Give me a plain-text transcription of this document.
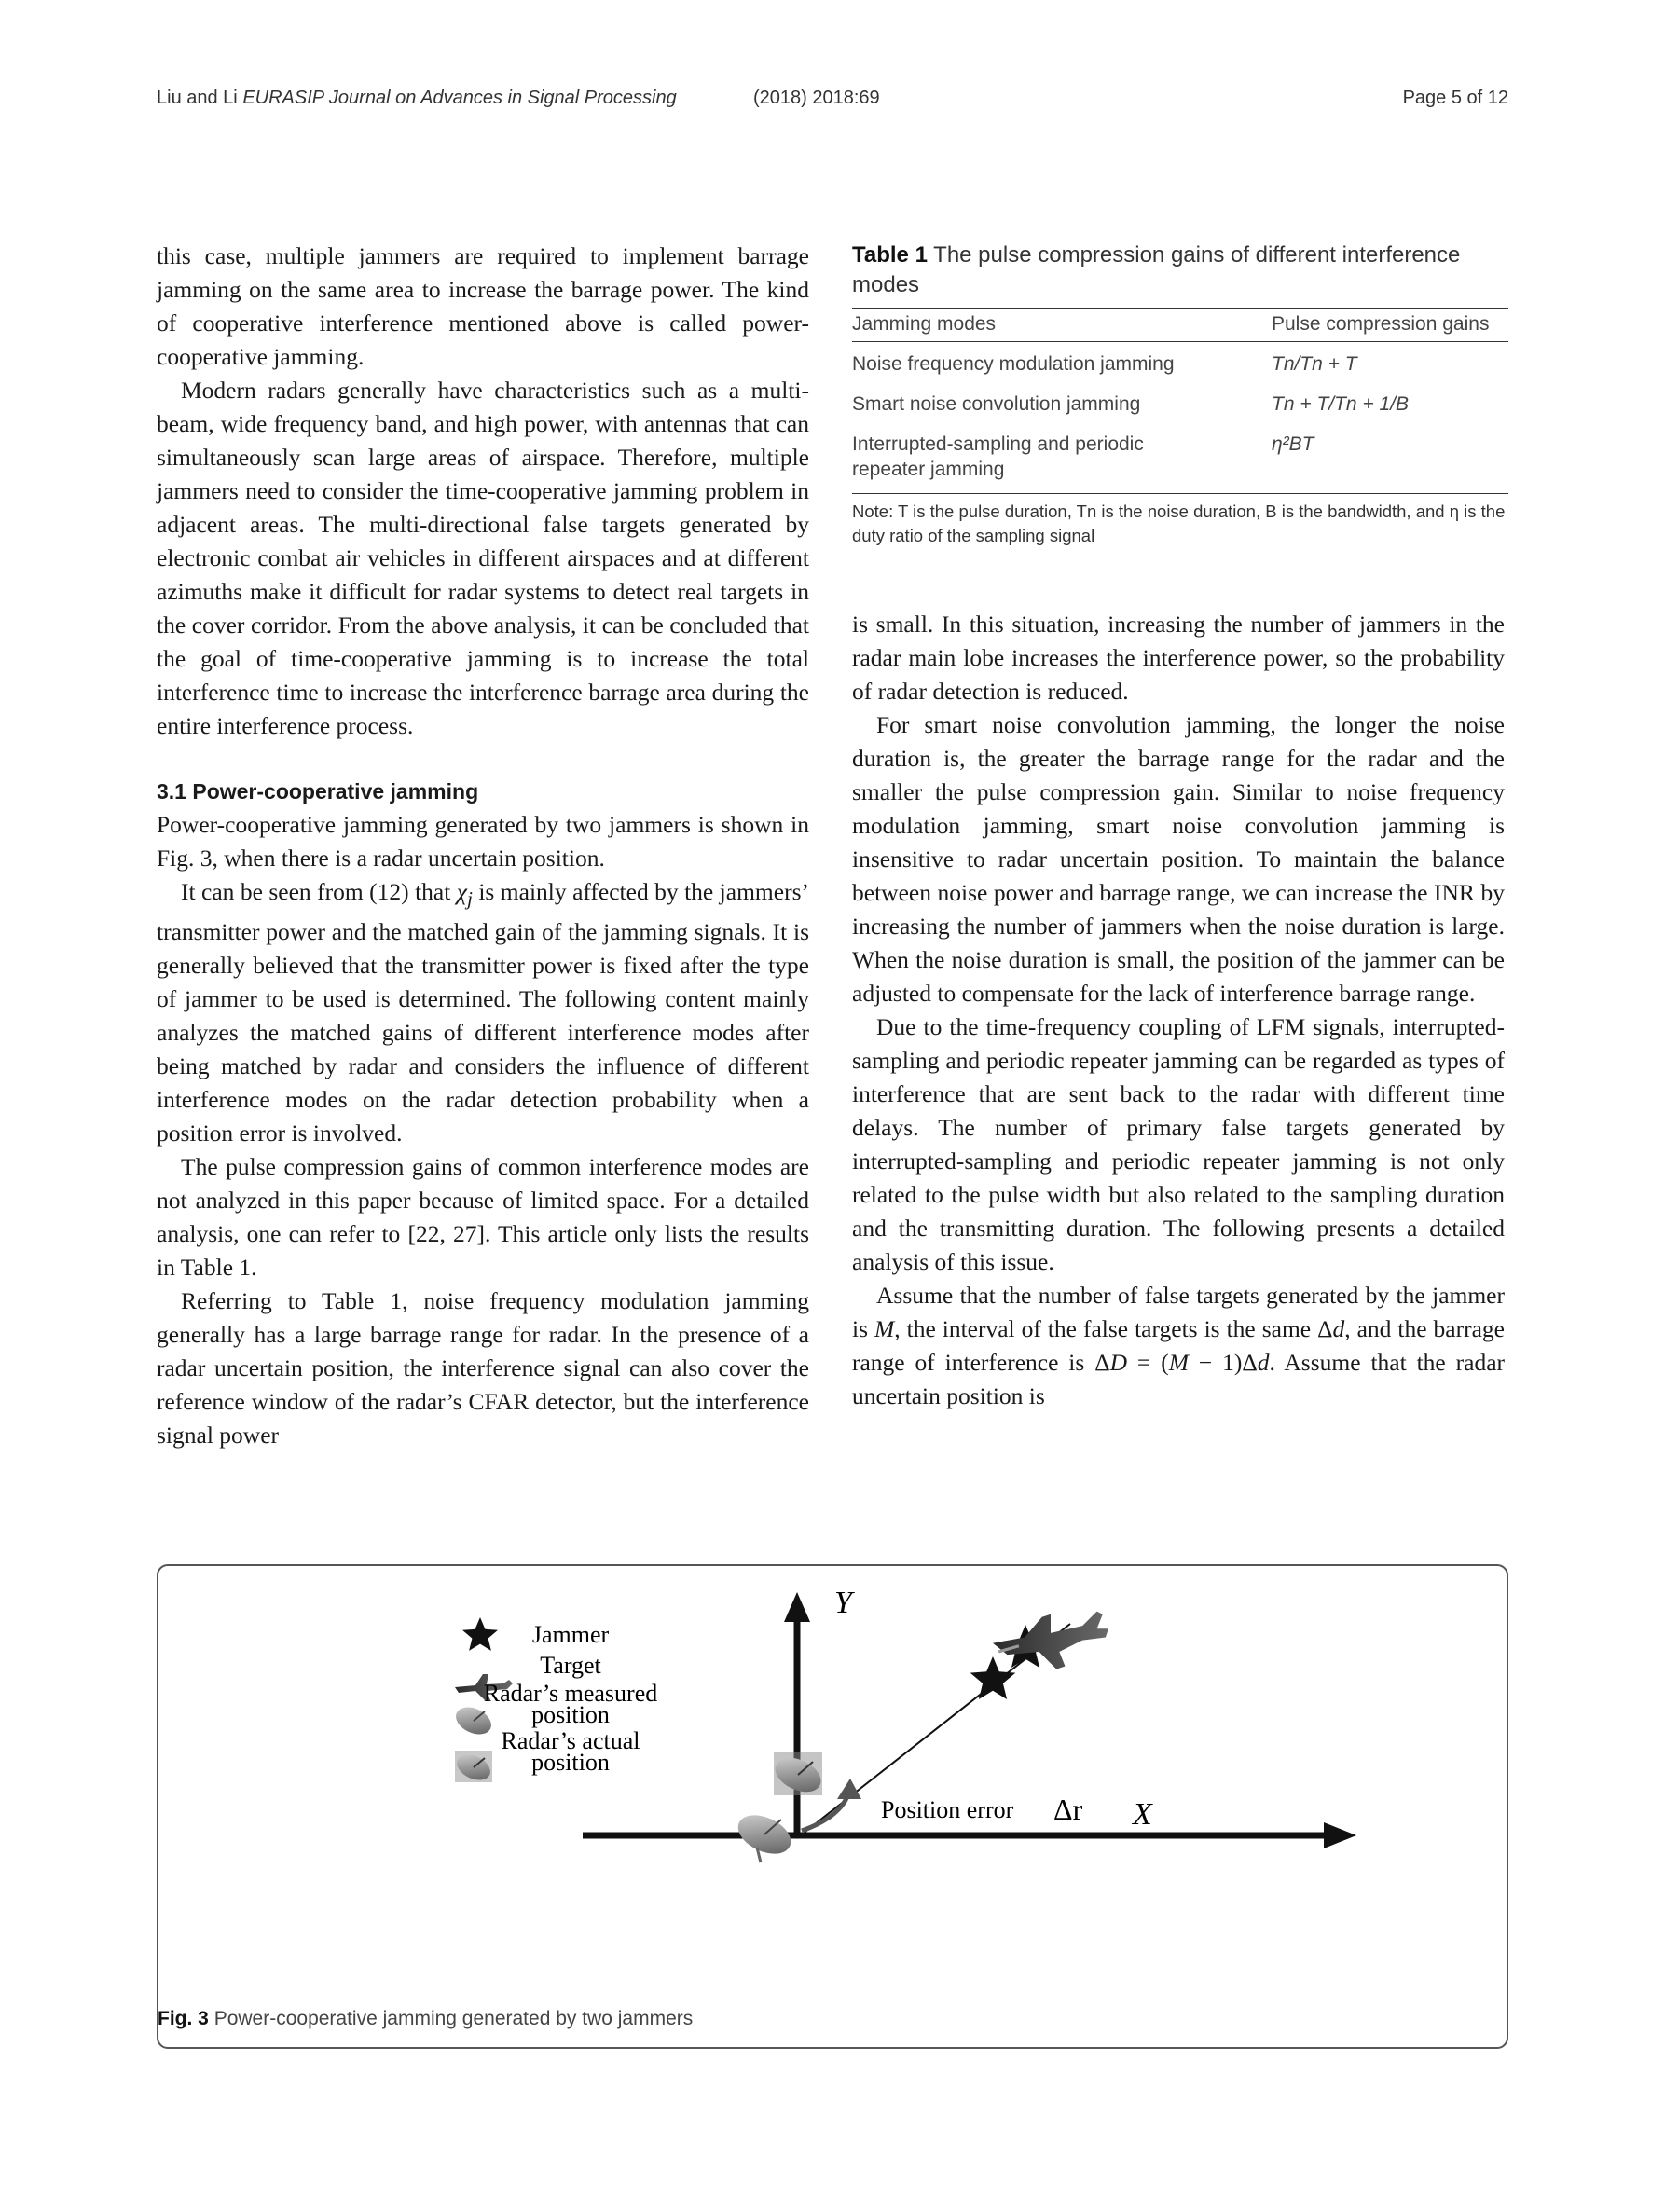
Liu and Li EURASIP Journal on Advances in Signal Processing	(2018) 2018:69	Page 5 of 12

this case, multiple jammers are required to implement barrage jamming on the same area to increase the barrage power. The kind of cooperative interference mentioned above is called power-cooperative jamming.

Modern radars generally have characteristics such as a multi-beam, wide frequency band, and high power, with antennas that can simultaneously scan large areas of airspace. Therefore, multiple jammers need to consider the time-cooperative jamming problem in adjacent areas. The multi-directional false targets generated by electronic combat air vehicles in different airspaces and at different azimuths make it difficult for radar systems to detect real targets in the cover corridor. From the above analysis, it can be concluded that the goal of time-cooperative jamming is to increase the total interference time to increase the interference barrage area during the entire interference process.

3.1 Power-cooperative jamming

Power-cooperative jamming generated by two jammers is shown in Fig. 3, when there is a radar uncertain position.

It can be seen from (12) that $\chi_j$ is mainly affected by the jammers’ transmitter power and the matched gain of the jamming signals. It is generally believed that the transmitter power is fixed after the type of jammer to be used is determined. The following content mainly analyzes the matched gains of different interference modes after being matched by radar and considers the influence of different interference modes on the radar detection probability when a position error is involved.

The pulse compression gains of common interference modes are not analyzed in this paper because of limited space. For a detailed analysis, one can refer to [22, 27]. This article only lists the results in Table 1.

Referring to Table 1, noise frequency modulation jamming generally has a large barrage range for radar. In the presence of a radar uncertain position, the interference signal can also cover the reference window of the radar’s CFAR detector, but the interference signal power

Table 1 The pulse compression gains of different interference modes
Jamming modes	Pulse compression gains
Noise frequency modulation jamming	Tn/Tn + T
Smart noise convolution jamming	Tn + T/Tn + 1/B
Interrupted-sampling and periodic repeater jamming	η²BT
Note: T is the pulse duration, Tn is the noise duration, B is the bandwidth, and η is the duty ratio of the sampling signal

is small. In this situation, increasing the number of jammers in the radar main lobe increases the interference power, so the probability of radar detection is reduced.

For smart noise convolution jamming, the longer the noise duration is, the greater the barrage range for the radar and the smaller the pulse compression gain. Similar to noise frequency modulation jamming, smart noise convolution jamming is insensitive to radar uncertain position. To maintain the balance between noise power and barrage range, we can increase the INR by increasing the number of jammers when the noise duration is large. When the noise duration is small, the position of the jammer can be adjusted to compensate for the lack of interference barrage range.

Due to the time-frequency coupling of LFM signals, interrupted-sampling and periodic repeater jamming can be regarded as types of interference that are sent back to the radar with different time delays. The number of primary false targets generated by interrupted-sampling and periodic repeater jamming is not only related to the pulse width but also related to the sampling duration and the transmitting duration. The following presents a detailed analysis of this issue.

Assume that the number of false targets generated by the jammer is M, the interval of the false targets is the same Δd, and the barrage range of interference is ΔD = (M − 1)Δd. Assume that the radar uncertain position is

Jammer
Target
Radar’s measured
position
Radar’s actual
position
Y
X
Position error Δr
Fig. 3 Power-cooperative jamming generated by two jammers
